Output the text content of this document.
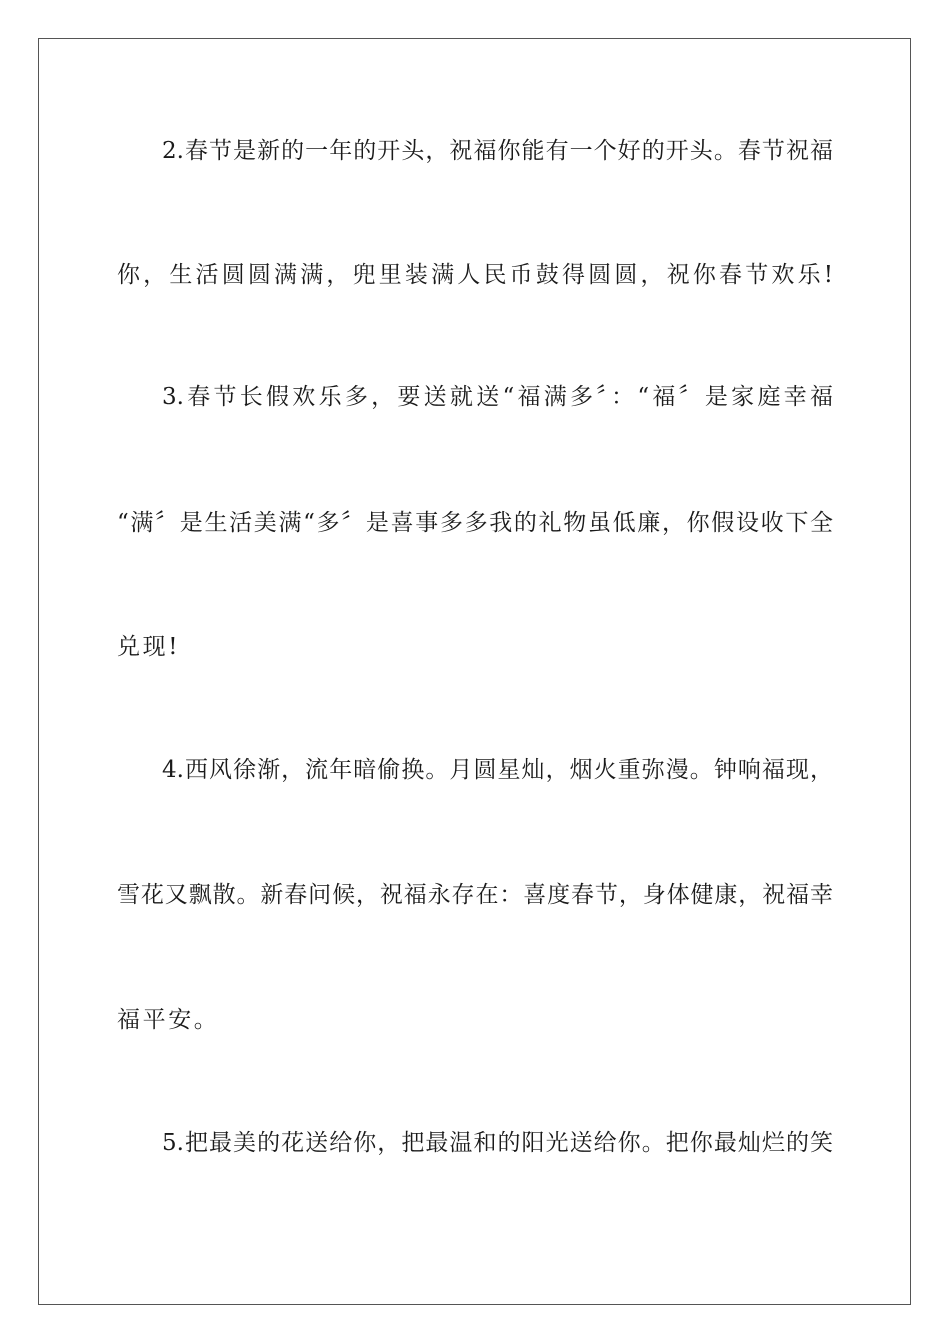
2.春节是新的一年的开头，祝福你能有一个好的开头。春节祝福
你，生活圆圆满满，兜里装满人民币鼓得圆圆，祝你春节欢乐!
3.春节长假欢乐多，要送就送“福满多〞：“福〞是家庭幸福
“满〞是生活美满“多〞是喜事多多我的礼物虽低廉，你假设收下全
兑现!
4.西风徐渐，流年暗偷换。月圆星灿，烟火重弥漫。钟响福现，
雪花又飘散。新春问候，祝福永存在：喜度春节，身体健康，祝福幸
福平安。
5.把最美的花送给你，把最温和的阳光送给你。把你最灿烂的笑
